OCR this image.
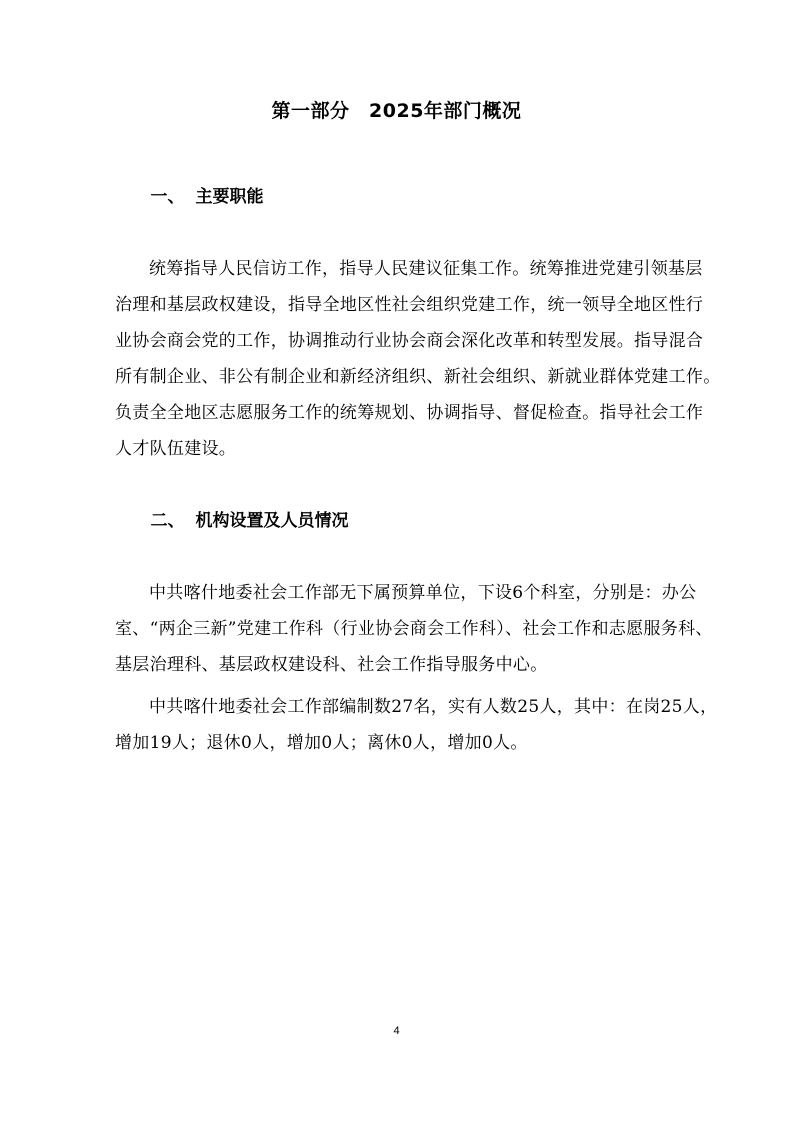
第一部分　2025年部门概况

一、 主要职能

统筹指导人民信访工作，指导人民建议征集工作。统筹推进党建引领基层
治理和基层政权建设，指导全地区性社会组织党建工作，统一领导全地区性行
业协会商会党的工作，协调推动行业协会商会深化改革和转型发展。指导混合
所有制企业、非公有制企业和新经济组织、新社会组织、新就业群体党建工作。
负责全全地区志愿服务工作的统筹规划、协调指导、督促检查。指导社会工作
人才队伍建设。

二、 机构设置及人员情况

中共喀什地委社会工作部无下属预算单位，下设6个科室，分别是：办公
室、“两企三新”党建工作科（行业协会商会工作科）、社会工作和志愿服务科、
基层治理科、基层政权建设科、社会工作指导服务中心。
中共喀什地委社会工作部编制数27名，实有人数25人，其中：在岗25人，
增加19人；退休0人，增加0人；离休0人，增加0人。
4
